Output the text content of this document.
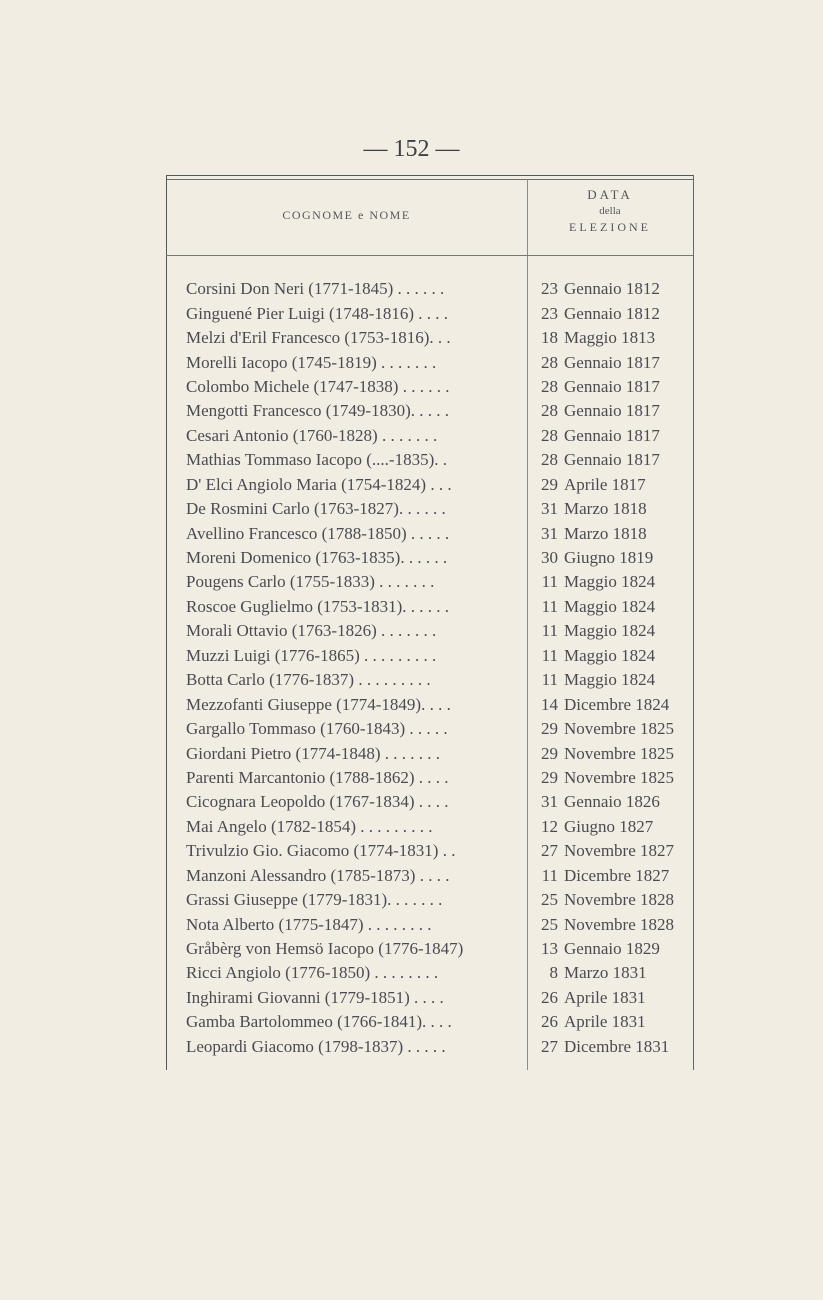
— 152 —
COGNOME e NOME
DATA
della
ELEZIONE
Corsini Don Neri (1771-1845) . . . . . .	23 Gennaio 1812
Ginguené Pier Luigi (1748-1816) . . . .	23 Gennaio 1812
Melzi d'Eril Francesco (1753-1816). . .	18 Maggio 1813
Morelli Iacopo (1745-1819) . . . . . . .	28 Gennaio 1817
Colombo Michele (1747-1838) . . . . . .	28 Gennaio 1817
Mengotti Francesco (1749-1830). . . . .	28 Gennaio 1817
Cesari Antonio (1760-1828) . . . . . . .	28 Gennaio 1817
Mathias Tommaso Iacopo (....-1835). .	28 Gennaio 1817
D' Elci Angiolo Maria (1754-1824) . . .	29 Aprile 1817
De Rosmini Carlo (1763-1827). . . . . .	31 Marzo 1818
Avellino Francesco (1788-1850) . . . . .	31 Marzo 1818
Moreni Domenico (1763-1835). . . . . .	30 Giugno 1819
Pougens Carlo (1755-1833) . . . . . . .	11 Maggio 1824
Roscoe Guglielmo (1753-1831). . . . . .	11 Maggio 1824
Morali Ottavio (1763-1826) . . . . . . .	11 Maggio 1824
Muzzi Luigi (1776-1865) . . . . . . . . .	11 Maggio 1824
Botta Carlo (1776-1837) . . . . . . . . .	11 Maggio 1824
Mezzofanti Giuseppe (1774-1849). . . .	14 Dicembre 1824
Gargallo Tommaso (1760-1843) . . . . .	29 Novembre 1825
Giordani Pietro (1774-1848) . . . . . . .	29 Novembre 1825
Parenti Marcantonio (1788-1862) . . . .	29 Novembre 1825
Cicognara Leopoldo (1767-1834) . . . .	31 Gennaio 1826
Mai Angelo (1782-1854) . . . . . . . . .	12 Giugno 1827
Trivulzio Gio. Giacomo (1774-1831) . .	27 Novembre 1827
Manzoni Alessandro (1785-1873) . . . .	11 Dicembre 1827
Grassi Giuseppe (1779-1831). . . . . . .	25 Novembre 1828
Nota Alberto (1775-1847) . . . . . . . .	25 Novembre 1828
Gråbèrg von Hemsö Iacopo (1776-1847)	13 Gennaio 1829
Ricci Angiolo (1776-1850) . . . . . . . .	8 Marzo 1831
Inghirami Giovanni (1779-1851) . . . .	26 Aprile 1831
Gamba Bartolommeo (1766-1841). . . .	26 Aprile 1831
Leopardi Giacomo (1798-1837) . . . . .	27 Dicembre 1831
